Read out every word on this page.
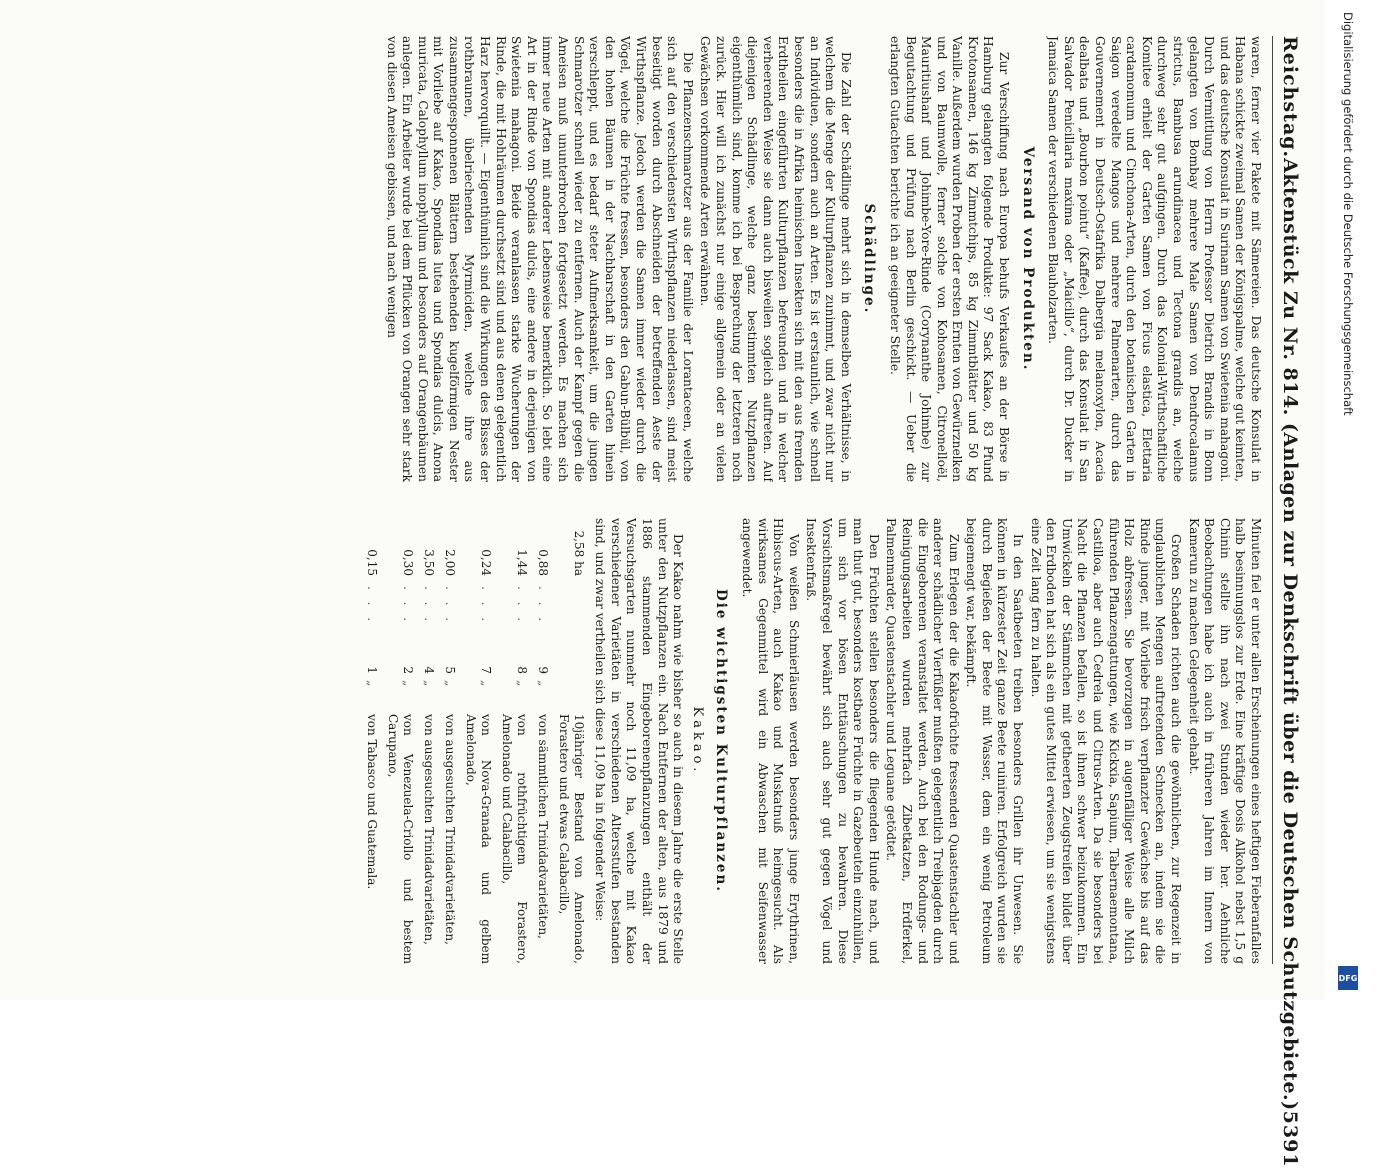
Reichstag.
Aktenstück Zu Nr. 814. (Anlagen zur Denkschrift über die Deutschen Schutzgebiete.)
5391

waren, ferner vier Pakete mit Sämereien. Das deutsche Konsulat in Habana schickte zweimal Samen der Königspalme, welche gut keimten, und das deutsche Konsulat in Surinam Samen von Swietenia mahagoni. Durch Vermittlung von Herrn Professor Dietrich Brandis in Bonn gelangten von Bombay mehrere Male Samen von Dendrocalamus strictus, Bambusa arundinacea und Tectona grandis an, welche durchweg sehr gut aufgingen. Durch das Kolonial-Wirthschaftliche Komitee erhielt der Garten Samen von Ficus elastica, Elettaria cardamomum und Cinchona-Arten, durch den botanischen Garten in Saigon veredelte Mangos und mehrere Palmenarten, durch das Gouvernement in Deutsch-Ostafrika Dalbergia melanoxylon, Acacia dealbata und „Bourbon pointu“ (Kaffee), durch das Konsulat in San Salvador Penicillaria maxima oder „Maicillo“, durch Dr. Ducker in Jamaica Samen der verschiedenen Blauholzarten.

Versand von Produkten.

Zur Verschiffung nach Europa behufs Verkaufes an der Börse in Hamburg gelangten folgende Produkte: 97 Sack Kakao, 83 Pfund Krotonsamen, 146 kg Zimmtchips, 85 kg Zimmtblätter und 50 kg Vanille. Außerdem wurden Proben der ersten Ernten von Gewürznelken und von Baumwolle, ferner solche von Kohosamen, Citronelloël, Mauritiushanf und Johimbe-Yore-Rinde (Corynanthe Johimbe) zur Begutachtung und Prüfung nach Berlin geschickt. — Ueber die erlangten Gutachten berichte ich an geeigneter Stelle.

Schädlinge.

Die Zahl der Schädlinge mehrt sich in demselben Verhältnisse, in welchem die Menge der Kulturpflanzen zunimmt, und zwar nicht nur an Individuen, sondern auch an Arten. Es ist erstaunlich, wie schnell besonders die in Afrika heimischen Insekten sich mit den aus fremden Erdtheilen eingeführten Kulturpflanzen befreunden und in welcher verheerenden Weise sie dann auch bisweilen sogleich auftreten. Auf diejenigen Schädlinge, welche ganz bestimmten Nutzpflanzen eigenthümlich sind, komme ich bei Besprechung der letzteren noch zurück. Hier will ich zunächst nur einige allgemein oder an vielen Gewächsen vorkommende Arten erwähnen.

Die Pflanzenschmarotzer aus der Familie der Lorantaceen, welche sich auf den verschiedensten Wirthspflanzen niederlassen, sind meist beseitigt worden durch Abschneiden der betreffenden Aeste der Wirthspflanze. Jedoch werden die Samen immer wieder durch die Vögel, welche die Früchte fressen, besonders den Gabun-Bülbül, von den hohen Bäumen in der Nachbarschaft in den Garten hinein verschleppt, und es bedarf steter Aufmerksamkeit, um die jungen Schmarotzer schnell wieder zu entfernen. Auch der Kampf gegen die Ameisen muß ununterbrochen fortgesetzt werden. Es machen sich immer neue Arten mit anderer Lebensweise bemerklich. So lebt eine Art in der Rinde von Spondias dulcis, eine andere in derjenigen von Swietenia mahagoni. Beide veranlassen starke Wucherungen der Rinde, die mit Hohlräumen durchsetzt sind und aus denen gelegentlich Harz hervorquillt. — Eigenthümlich sind die Wirkungen des Bisses der rothbraunen, übelriechenden Myrmiciden, welche ihre aus zusammengesponnenen Blättern bestehenden kugelförmigen Nester mit Vorliebe auf Kakao, Spondias lutea und Spondias dulcis, Anona muricata, Calophyllum inophyllum und besonders auf Orangenbäumen anlegen. Ein Arbeiter wurde bei dem Pflücken von Orangen sehr stark von diesen Ameisen gebissen, und nach wenigen

Minuten fiel er unter allen Erscheinungen eines heftigen Fieberanfalles halb besinnungslos zur Erde. Eine kräftige Dosis Alkohol nebst 1,5 g Chinin stellte ihn nach zwei Stunden wieder her. Aehnliche Beobachtungen habe ich auch in früheren Jahren im Innern von Kamerun zu machen Gelegenheit gehabt.

Großen Schaden richten auch die gewöhnlichen, zur Regenzeit in unglaublichen Mengen auftretenden Schnecken an, indem sie die Rinde junger, mit Vorliebe frisch verpflanzter Gewächse bis auf das Holz abfressen. Sie bevorzugen in augenfälliger Weise alle Milch führenden Pflanzengattungen, wie Kickxia, Sapium, Tabernaemontana, Castilloa, aber auch Cedrela und Citrus-Arten. Da sie besonders bei Nacht die Pflanzen befallen, so ist ihnen schwer beizukommen. Ein Umwickeln der Stämmchen mit getheerten Zeugstreifen bildet über den Erdboden hat sich als ein gutes Mittel erwiesen, um sie wenigstens eine Zeit lang fern zu halten.

In den Saatbeeten treiben besonders Grillen ihr Unwesen. Sie können in kürzester Zeit ganze Beete ruiniren. Erfolgreich wurden sie durch Begießen der Beete mit Wasser, dem ein wenig Petroleum beigemengt war, bekämpft.

Zum Erlegen der die Kakaofrüchte fressenden Quastenstachler und anderer schädlicher Vierfüßler mußten gelegentlich Treibjagden durch die Eingeborenen veranstaltet werden. Auch bei den Rodungs- und Reinigungsarbeiten wurden mehrfach Zibetkatzen, Erdferkel, Palmenmarder, Quastenstachler und Leguane getödtet.

Den Früchten stellen besonders die fliegenden Hunde nach, und man thut gut, besonders kostbare Früchte in Gazebeuteln einzuhüllen, um sich vor bösen Enttäuschungen zu bewahren. Diese Vorsichtsmaßregel bewährt sich auch sehr gut gegen Vögel und Insektenfraß.

Von weißen Schmierläusen werden besonders junge Erythrinen, Hibiscus-Arten, auch Kakao und Muskatnuß heimgesucht. Als wirksames Gegenmittel wird ein Abwaschen mit Seifenwasser angewendet.

Die wichtigsten Kulturpflanzen.
Kakao.

Der Kakao nahm wie bisher so auch in diesem Jahre die erste Stelle unter den Nutzpflanzen ein. Nach Entfernen der alten, aus 1879 und 1886 stammenden Eingeborenenpflanzungen enthält der Versuchsgarten nunmehr noch 11,09 ha, welche mit Kakao verschiedener Varietäten in verschiedenen Altersstufen bestanden sind, und zwar vertheilen sich diese 11,09 ha in folgender Weise:

2,58 ha				10jähriger Bestand von Amelonado, Forastero und etwas Calabacillo,
0,88	. . .	9	„	von sämmtlichen Trinidadvarietäten,
1,44	. . .	8	„	von rothfrüchtigem Forastero, Amelonado und Calabacillo,
0,24	. . .	7	„	von Nova-Granada und gelbem Amelonado,
2,00	. . .	5	„	von ausgesuchten Trinidadvarietäten,
3,50	. . .	4	„	von ausgesuchten Trinidadvarietäten,
0,30	. . .	2	„	von Venezuela-Criollo und bestem Carupano,
0,15	. . .	1	„	von Tabasco und Guatemala.
Digitalisierung gefördert durch die Deutsche Forschungsgemeinschaft
DFG
